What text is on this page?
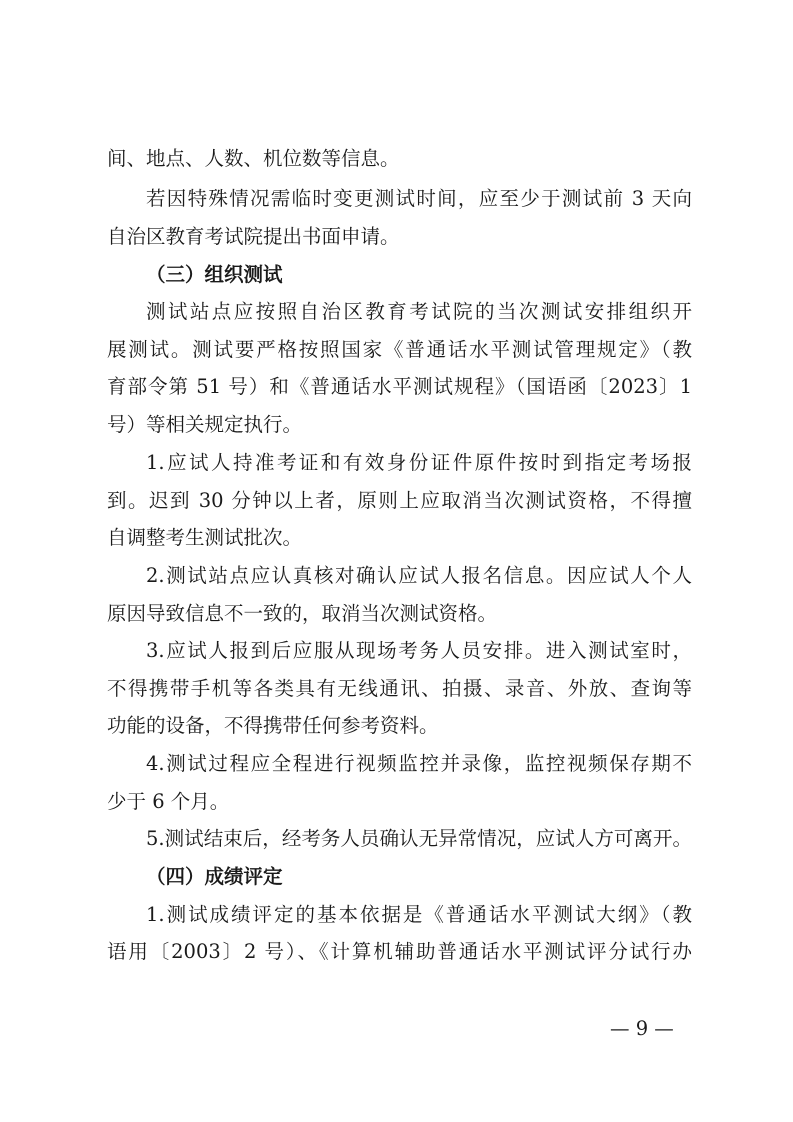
间、地点、人数、机位数等信息。
若因特殊情况需临时变更测试时间，应至少于测试前 3 天向
自治区教育考试院提出书面申请。
（三）组织测试
测试站点应按照自治区教育考试院的当次测试安排组织开
展测试。测试要严格按照国家《普通话水平测试管理规定》（教
育部令第 51 号）和《普通话水平测试规程》（国语函〔2023〕1
号）等相关规定执行。
1.应试人持准考证和有效身份证件原件按时到指定考场报
到。迟到 30 分钟以上者，原则上应取消当次测试资格，不得擅
自调整考生测试批次。
2.测试站点应认真核对确认应试人报名信息。因应试人个人
原因导致信息不一致的，取消当次测试资格。
3.应试人报到后应服从现场考务人员安排。进入测试室时，
不得携带手机等各类具有无线通讯、拍摄、录音、外放、查询等
功能的设备，不得携带任何参考资料。
4.测试过程应全程进行视频监控并录像，监控视频保存期不
少于 6 个月。
5.测试结束后，经考务人员确认无异常情况，应试人方可离开。
（四）成绩评定
1.测试成绩评定的基本依据是《普通话水平测试大纲》（教
语用〔2003〕2 号）、《计算机辅助普通话水平测试评分试行办
— 9 —
